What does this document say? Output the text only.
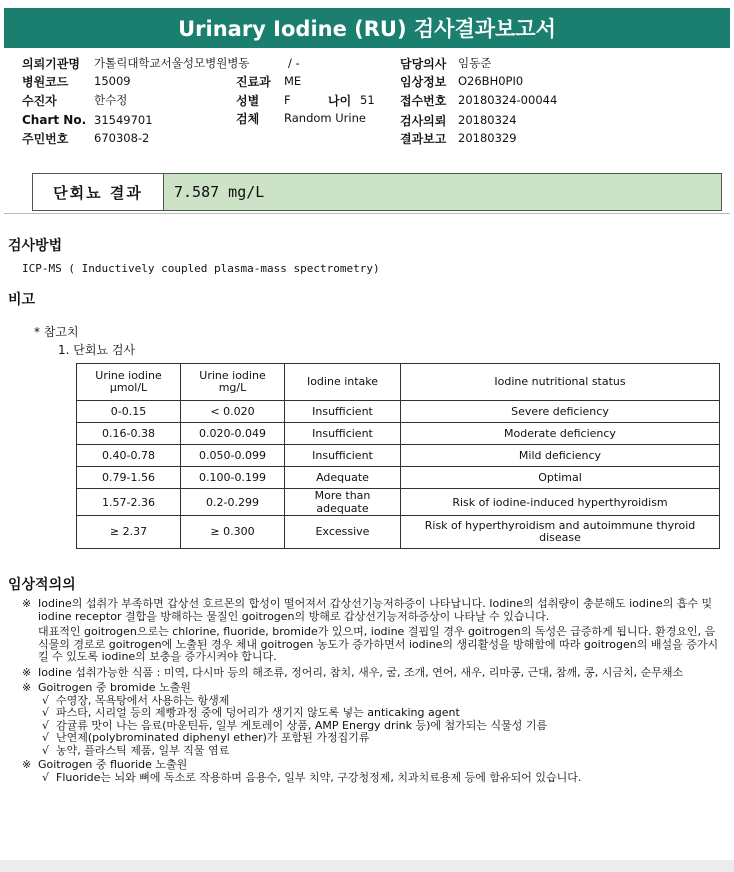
Urinary Iodine (RU) 검사결과보고서
의뢰기관명 가톨릭대학교서울성모병원병동	/ -	담당의사 임동준
병원코드 15009	진료과 ME	임상정보 O26BH0PI0
수진자	한수정	성별 F	나이 51 접수번호 20180324-00044
Chart No. 31549701	검체 Random Urine	검사의뢰 20180324
주민번호 670308-2	결과보고 20180329
단회뇨 결과	7.587 mg/L
검사방법
ICP-MS ( Inductively coupled plasma-mass spectrometry)
비고
* 참고치
1. 단회뇨 검사
Urine iodine μmol/L	Urine iodine mg/L	Iodine intake	Iodine nutritional status
0-0.15	< 0.020	Insufficient	Severe deficiency
0.16-0.38	0.020-0.049	Insufficient	Moderate deficiency
0.40-0.78	0.050-0.099	Insufficient	Mild deficiency
0.79-1.56	0.100-0.199	Adequate	Optimal
1.57-2.36	0.2-0.299	More than adequate	Risk of iodine-induced hyperthyroidism
≥ 2.37	≥ 0.300	Excessive	Risk of hyperthyroidism and autoimmune thyroid disease
임상적의의

※ Iodine의 섭취가 부족하면 갑상선 호르몬의 합성이 떨어져서 갑상선기능저하증이 나타납니다. Iodine의 섭취량이 충분해도 iodine의 흡수 및 iodine receptor 결합을 방해하는 물질인 goitrogen의 방해로 갑상선기능저하증상이 나타날 수 있습니다.

대표적인 goitrogen으로는 chlorine, fluoride, bromide가 있으며, iodine 결핍일 경우 goitrogen의 독성은 급증하게 됩니다. 환경요인, 음식물의 경로로 goitrogen에 노출된 경우 체내 goitrogen 농도가 증가하면서 iodine의 생리활성을 방해함에 따라 goitrogen의 배설을 증가시킬 수 있도록 iodine의 보충을 증가시켜야 합니다.

※ Iodine 섭취가능한 식품 : 미역, 다시마 등의 해조류, 정어리, 참치, 새우, 굴, 조개, 연어, 새우, 리마콩, 근대, 참깨, 콩, 시금치, 순무채소

※ Goitrogen 중 bromide 노출원

√ 수영장, 목욕탕에서 사용하는 항생제

√ 파스타, 시리얼 등의 제빵과정 중에 덩어리가 생기지 않도록 넣는 anticaking agent

√ 감귤류 맛이 나는 음료(마운틴듀, 일부 게토레이 상품, AMP Energy drink 등)에 첨가되는 식물성 기름

√ 난연제(polybrominated diphenyl ether)가 포함된 가정집기류

√ 농약, 플라스틱 제품, 일부 직물 염료

※ Goitrogen 중 fluoride 노출원

√ Fluoride는 뇌와 뼈에 독소로 작용하며 음용수, 일부 치약, 구강청정제, 치과치료용제 등에 함유되어 있습니다.
